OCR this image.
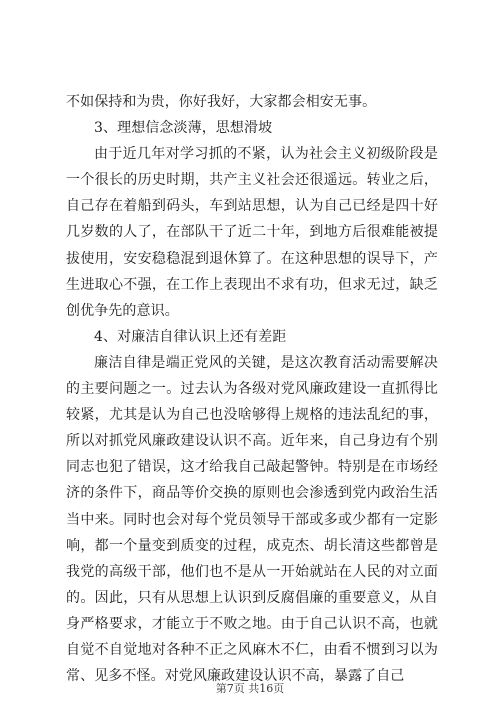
不如保持和为贵，你好我好，大家都会相安无事。

3、理想信念淡薄，思想滑坡

由于近几年对学习抓的不紧，认为社会主义初级阶段是一个很长的历史时期，共产主义社会还很遥远。转业之后，自己存在着船到码头，车到站思想，认为自己已经是四十好几岁数的人了，在部队干了近二十年，到地方后很难能被提拔使用，安安稳稳混到退休算了。在这种思想的误导下，产生进取心不强，在工作上表现出不求有功，但求无过，缺乏创优争先的意识。

4、对廉洁自律认识上还有差距

廉洁自律是端正党风的关键，是这次教育活动需要解决的主要问题之一。过去认为各级对党风廉政建设一直抓得比较紧，尤其是认为自己也没啥够得上规格的违法乱纪的事，所以对抓党风廉政建设认识不高。近年来，自己身边有个别同志也犯了错误，这才给我自己敲起警钟。特别是在市场经济的条件下，商品等价交换的原则也会渗透到党内政治生活当中来。同时也会对每个党员领导干部或多或少都有一定影响，都一个量变到质变的过程，成克杰、胡长清这些都曾是我党的高级干部，他们也不是从一开始就站在人民的对立面的。因此，只有从思想上认识到反腐倡廉的重要意义，从自身严格要求，才能立于不败之地。由于自己认识不高，也就自觉不自觉地对各种不正之风麻木不仁，由看不惯到习以为常、见多不怪。对党风廉政建设认识不高，暴露了自己

第7页 共16页
